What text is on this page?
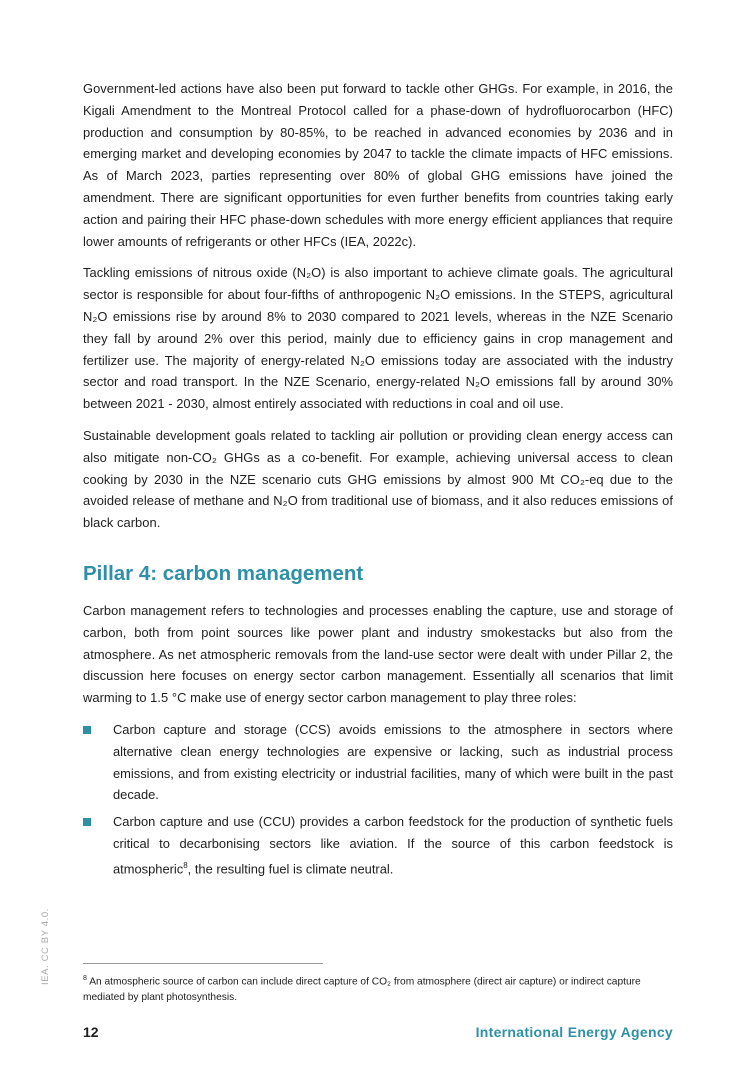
Government-led actions have also been put forward to tackle other GHGs. For example, in 2016, the Kigali Amendment to the Montreal Protocol called for a phase-down of hydrofluorocarbon (HFC) production and consumption by 80-85%, to be reached in advanced economies by 2036 and in emerging market and developing economies by 2047 to tackle the climate impacts of HFC emissions. As of March 2023, parties representing over 80% of global GHG emissions have joined the amendment. There are significant opportunities for even further benefits from countries taking early action and pairing their HFC phase-down schedules with more energy efficient appliances that require lower amounts of refrigerants or other HFCs (IEA, 2022c).

Tackling emissions of nitrous oxide (N₂O) is also important to achieve climate goals. The agricultural sector is responsible for about four-fifths of anthropogenic N₂O emissions. In the STEPS, agricultural N₂O emissions rise by around 8% to 2030 compared to 2021 levels, whereas in the NZE Scenario they fall by around 2% over this period, mainly due to efficiency gains in crop management and fertilizer use. The majority of energy-related N₂O emissions today are associated with the industry sector and road transport. In the NZE Scenario, energy-related N₂O emissions fall by around 30% between 2021 - 2030, almost entirely associated with reductions in coal and oil use.

Sustainable development goals related to tackling air pollution or providing clean energy access can also mitigate non-CO₂ GHGs as a co-benefit. For example, achieving universal access to clean cooking by 2030 in the NZE scenario cuts GHG emissions by almost 900 Mt CO₂-eq due to the avoided release of methane and N₂O from traditional use of biomass, and it also reduces emissions of black carbon.

Pillar 4: carbon management

Carbon management refers to technologies and processes enabling the capture, use and storage of carbon, both from point sources like power plant and industry smokestacks but also from the atmosphere. As net atmospheric removals from the land-use sector were dealt with under Pillar 2, the discussion here focuses on energy sector carbon management. Essentially all scenarios that limit warming to 1.5 °C make use of energy sector carbon management to play three roles:

Carbon capture and storage (CCS) avoids emissions to the atmosphere in sectors where alternative clean energy technologies are expensive or lacking, such as industrial process emissions, and from existing electricity or industrial facilities, many of which were built in the past decade.
Carbon capture and use (CCU) provides a carbon feedstock for the production of synthetic fuels critical to decarbonising sectors like aviation. If the source of this carbon feedstock is atmospheric$^8$, the resulting fuel is climate neutral.
$^8$ An atmospheric source of carbon can include direct capture of CO₂ from atmosphere (direct air capture) or indirect capture mediated by plant photosynthesis.
IEA. CC BY 4.0.
12	International Energy Agency
